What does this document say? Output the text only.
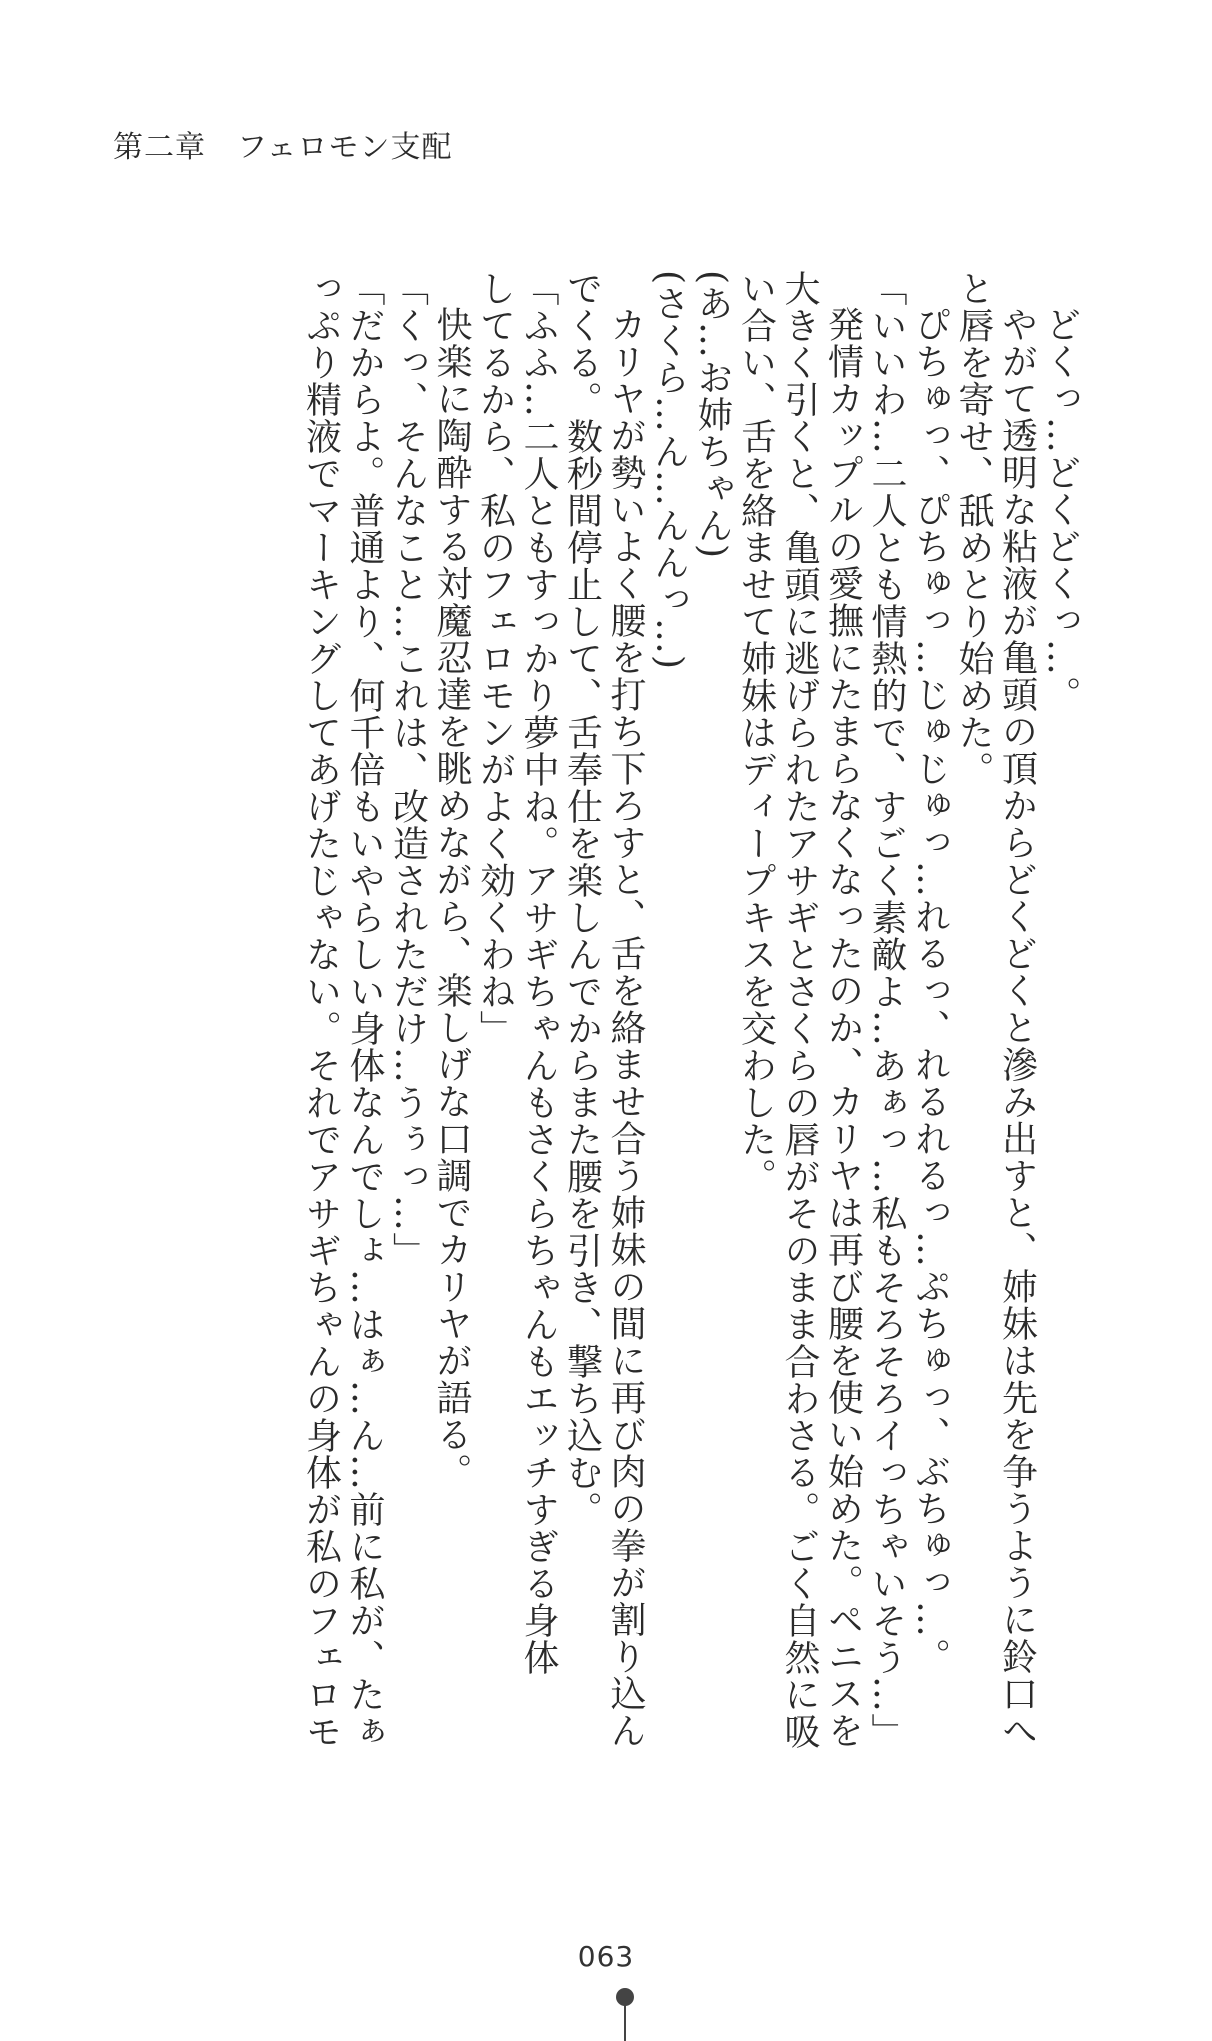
第二章　フェロモン支配
どくっ…どくどくっ…。
やがて透明な粘液が亀頭の頂からどくどくと滲み出すと、姉妹は先を争うように鈴口へ
と唇を寄せ、舐めとり始めた。
ぴちゅっ、ぴちゅっ…じゅじゅっ…れるっ、れるれるっ…ぷちゅっ、ぶちゅっ…。
「いいわ…二人とも情熱的で、すごく素敵よ…あぁっ…私もそろそろイっちゃいそう…」
発情カップルの愛撫にたまらなくなったのか、カリヤは再び腰を使い始めた。ペニスを
大きく引くと、亀頭に逃げられたアサギとさくらの唇がそのまま合わさる。ごく自然に吸
い合い、舌を絡ませて姉妹はディープキスを交わした。
(あ…お姉ちゃん)
(さくら…ん…んんっ…)
カリヤが勢いよく腰を打ち下ろすと、舌を絡ませ合う姉妹の間に再び肉の拳が割り込ん
でくる。数秒間停止して、舌奉仕を楽しんでからまた腰を引き、撃ち込む。
「ふふ…二人ともすっかり夢中ね。アサギちゃんもさくらちゃんもエッチすぎる身体
してるから、私のフェロモンがよく効くわね」
快楽に陶酔する対魔忍達を眺めながら、楽しげな口調でカリヤが語る。
「くっ、そんなこと…これは、改造されただけ…うぅっ…」
「だからよ。普通より、何千倍もいやらしい身体なんでしょ…はぁ…ん…前に私が、たぁ
っぷり精液でマーキングしてあげたじゃない。それでアサギちゃんの身体が私のフェロモ
063
